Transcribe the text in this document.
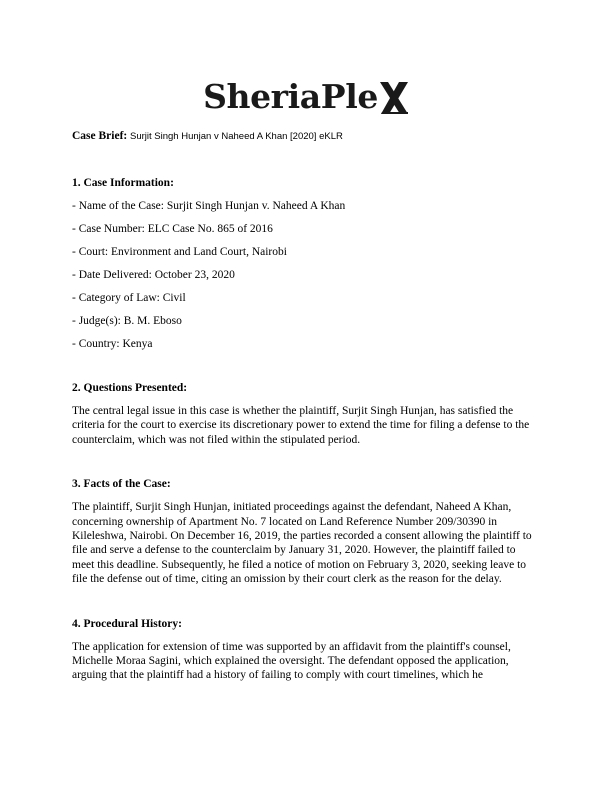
SheriaPle
Case Brief: Surjit Singh Hunjan v Naheed A Khan [2020] eKLR

1. Case Information:

- Name of the Case: Surjit Singh Hunjan v. Naheed A Khan
- Case Number: ELC Case No. 865 of 2016
- Court: Environment and Land Court, Nairobi
- Date Delivered: October 23, 2020
- Category of Law: Civil
- Judge(s): B. M. Eboso
- Country: Kenya

2. Questions Presented:

The central legal issue in this case is whether the plaintiff, Surjit Singh Hunjan, has satisfied the criteria for the court to exercise its discretionary power to extend the time for filing a defense to the counterclaim, which was not filed within the stipulated period.

3. Facts of the Case:

The plaintiff, Surjit Singh Hunjan, initiated proceedings against the defendant, Naheed A Khan, concerning ownership of Apartment No. 7 located on Land Reference Number 209/30390 in Kileleshwa, Nairobi. On December 16, 2019, the parties recorded a consent allowing the plaintiff to file and serve a defense to the counterclaim by January 31, 2020. However, the plaintiff failed to meet this deadline. Subsequently, he filed a notice of motion on February 3, 2020, seeking leave to file the defense out of time, citing an omission by their court clerk as the reason for the delay.

4. Procedural History:

The application for extension of time was supported by an affidavit from the plaintiff's counsel, Michelle Moraa Sagini, which explained the oversight. The defendant opposed the application, arguing that the plaintiff had a history of failing to comply with court timelines, which he
